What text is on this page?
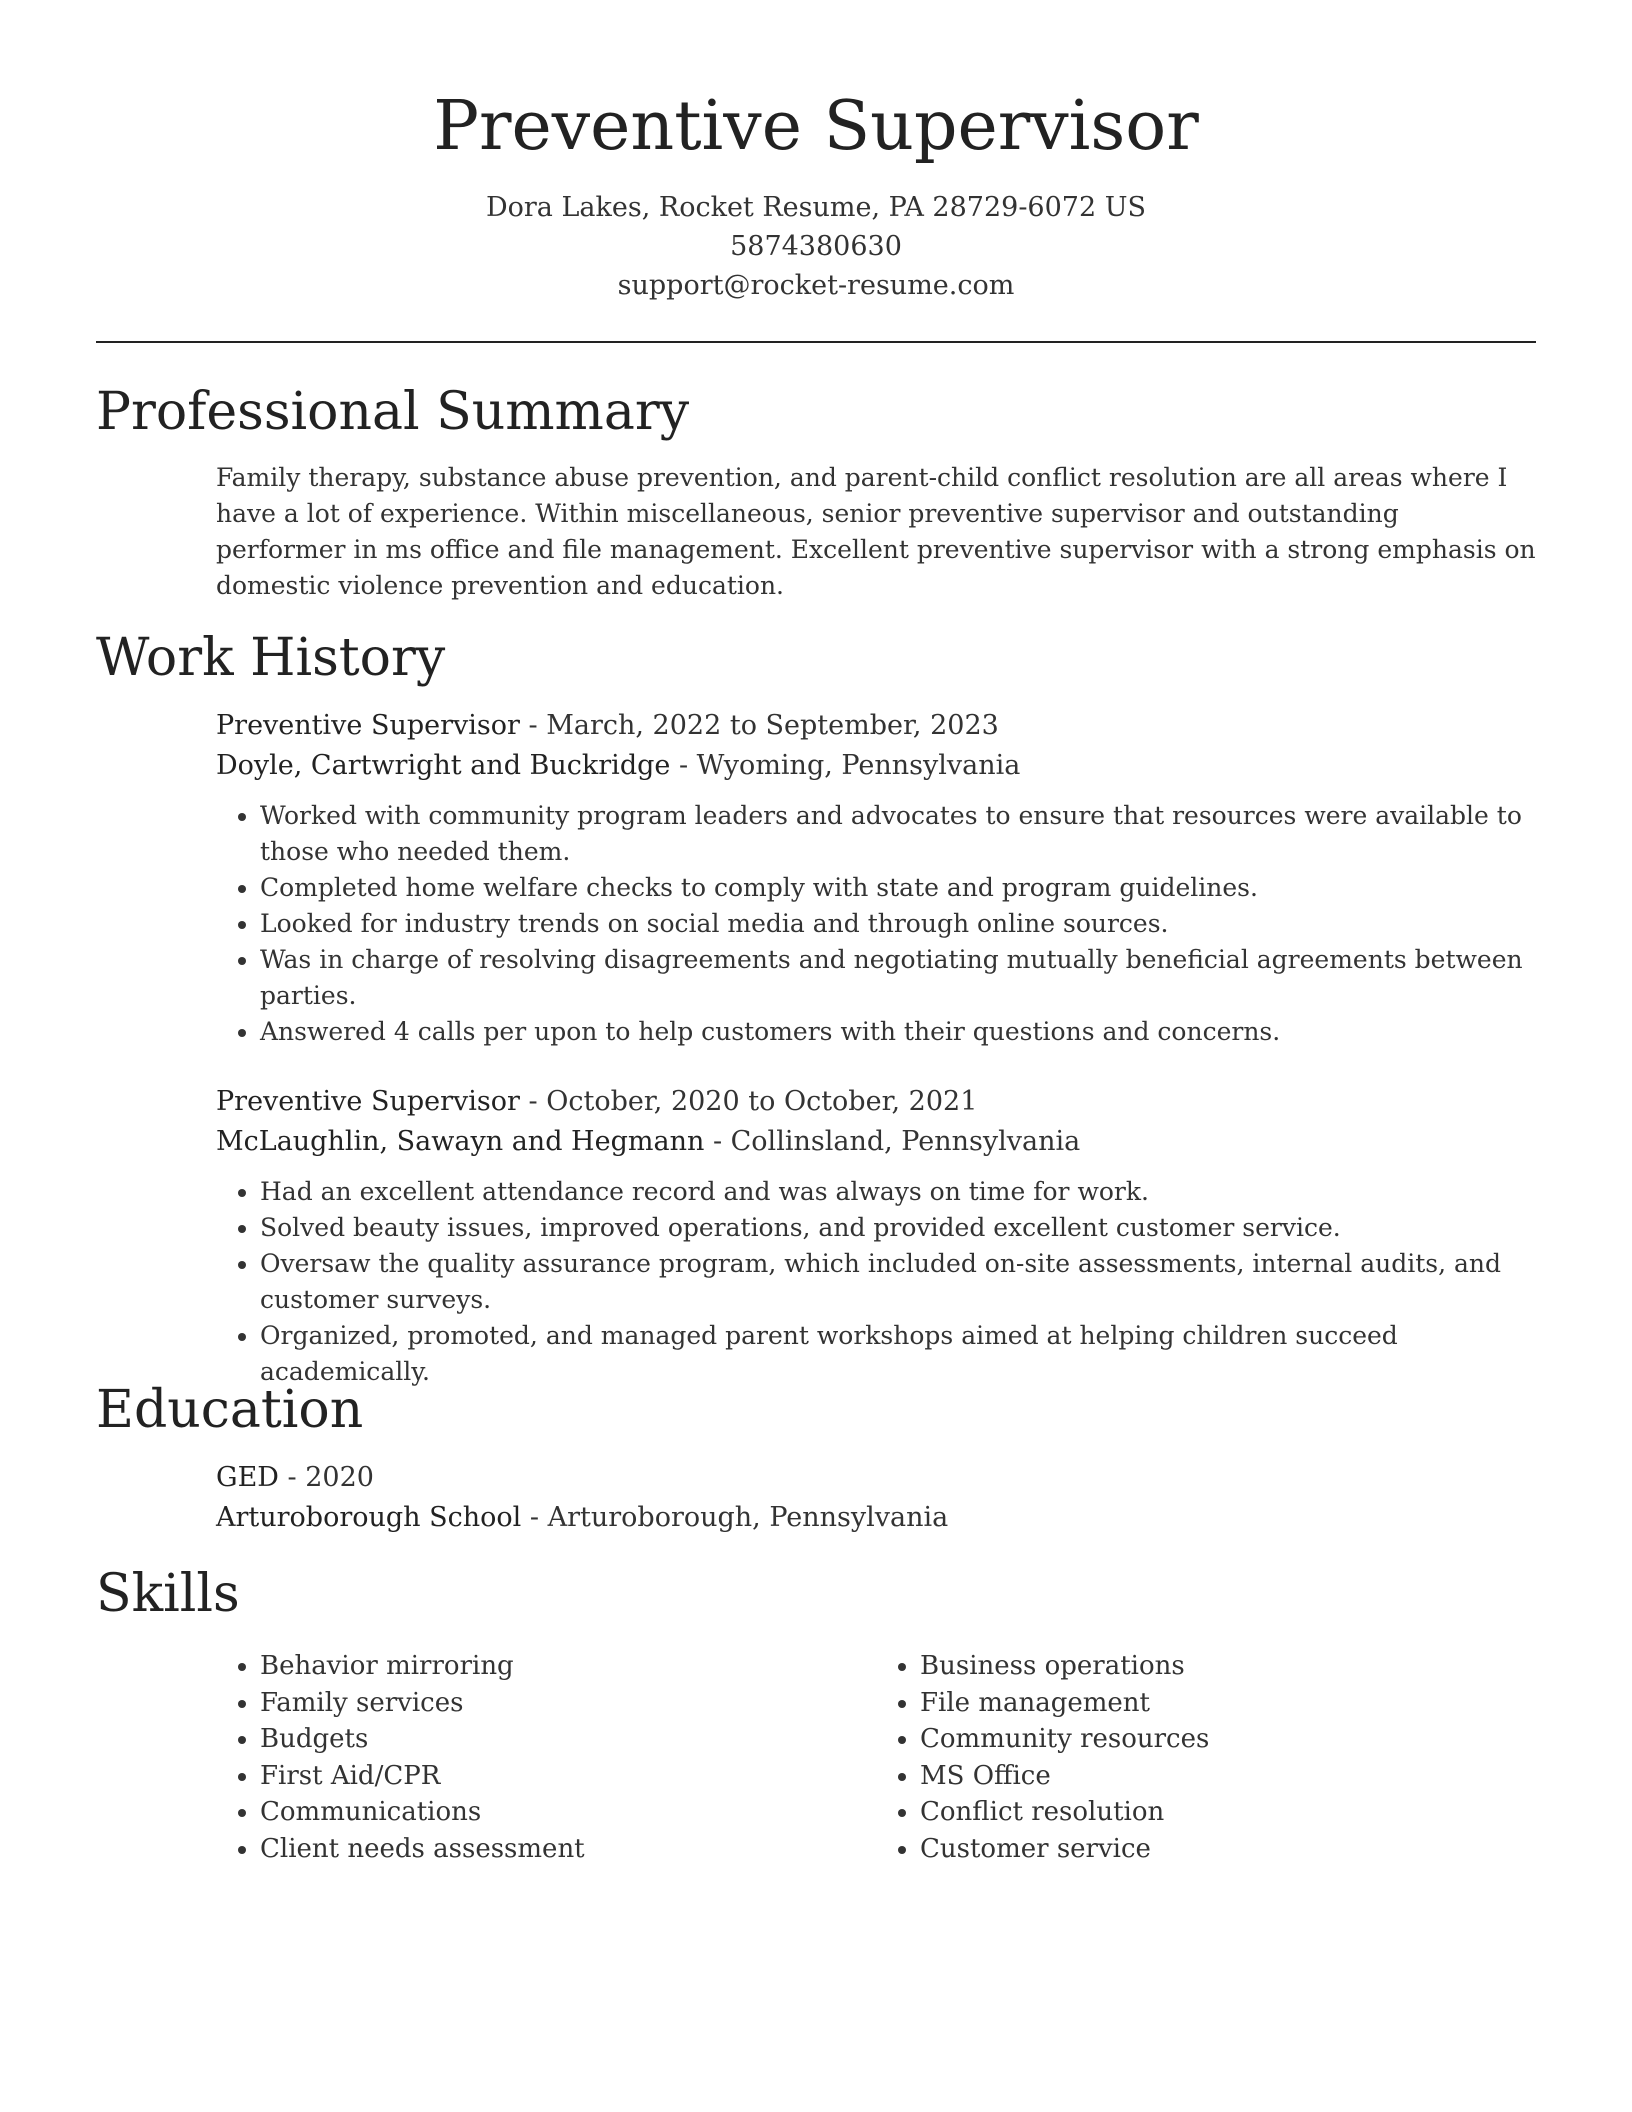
Preventive Supervisor
Dora Lakes, Rocket Resume, PA 28729-6072 US
5874380630
support@rocket-resume.com
Professional Summary

Family therapy, substance abuse prevention, and parent-child conflict resolution are all areas where I have a lot of experience. Within miscellaneous, senior preventive supervisor and outstanding performer in ms office and file management. Excellent preventive supervisor with a strong emphasis on domestic violence prevention and education.

Work History
Preventive Supervisor - March, 2022 to September, 2023
Doyle, Cartwright and Buckridge - Wyoming, Pennsylvania
• Worked with community program leaders and advocates to ensure that resources were available to those who needed them.
• Completed home welfare checks to comply with state and program guidelines.
• Looked for industry trends on social media and through online sources.
• Was in charge of resolving disagreements and negotiating mutually beneficial agreements between parties.
• Answered 4 calls per upon to help customers with their questions and concerns.
Preventive Supervisor - October, 2020 to October, 2021
McLaughlin, Sawayn and Hegmann - Collinsland, Pennsylvania
• Had an excellent attendance record and was always on time for work.
• Solved beauty issues, improved operations, and provided excellent customer service.
• Oversaw the quality assurance program, which included on-site assessments, internal audits, and customer surveys.
• Organized, promoted, and managed parent workshops aimed at helping children succeed academically.
Education
GED - 2020
Arturoborough School - Arturoborough, Pennsylvania
Skills
• Behavior mirroring
• Family services
• Budgets
• First Aid/CPR
• Communications
• Client needs assessment
• Business operations
• File management
• Community resources
• MS Office
• Conflict resolution
• Customer service
